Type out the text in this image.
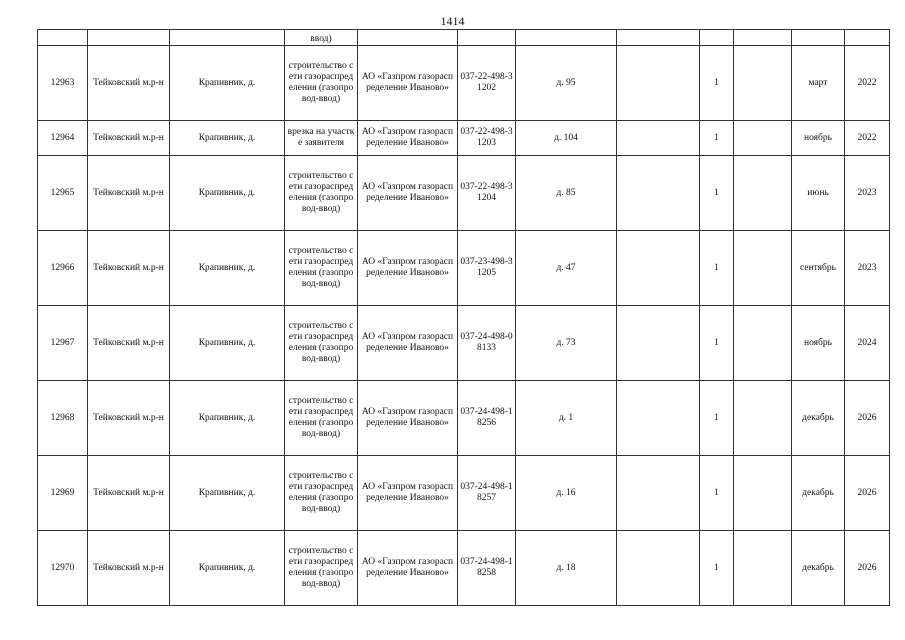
1414
			ввод)								
12963	Тейковский м.р-н	Крапивник, д.	строительство сети газораспределения (газопровод-ввод)	АО «Газпром газораспределение Иваново»	037-22-498-31202	д. 95		1		март	2022
12964	Тейковский м.р-н	Крапивник, д.	врезка на участке заявителя	АО «Газпром газораспределение Иваново»	037-22-498-31203	д. 104		1		ноябрь	2022
12965	Тейковский м.р-н	Крапивник, д.	строительство сети газораспределения (газопровод-ввод)	АО «Газпром газораспределение Иваново»	037-22-498-31204	д. 85		1		июнь	2023
12966	Тейковский м.р-н	Крапивник, д.	строительство сети газораспределения (газопровод-ввод)	АО «Газпром газораспределение Иваново»	037-23-498-31205	д. 47		1		сентябрь	2023
12967	Тейковский м.р-н	Крапивник, д.	строительство сети газораспределения (газопровод-ввод)	АО «Газпром газораспределение Иваново»	037-24-498-08133	д. 73		1		ноябрь	2024
12968	Тейковский м.р-н	Крапивник, д.	строительство сети газораспределения (газопровод-ввод)	АО «Газпром газораспределение Иваново»	037-24-498-18256	д. 1		1		декабрь	2026
12969	Тейковский м.р-н	Крапивник, д.	строительство сети газораспределения (газопровод-ввод)	АО «Газпром газораспределение Иваново»	037-24-498-18257	д. 16		1		декабрь	2026
12970	Тейковский м.р-н	Крапивник, д.	строительство сети газораспределения (газопровод-ввод)	АО «Газпром газораспределение Иваново»	037-24-498-18258	д. 18		1		декабрь	2026
